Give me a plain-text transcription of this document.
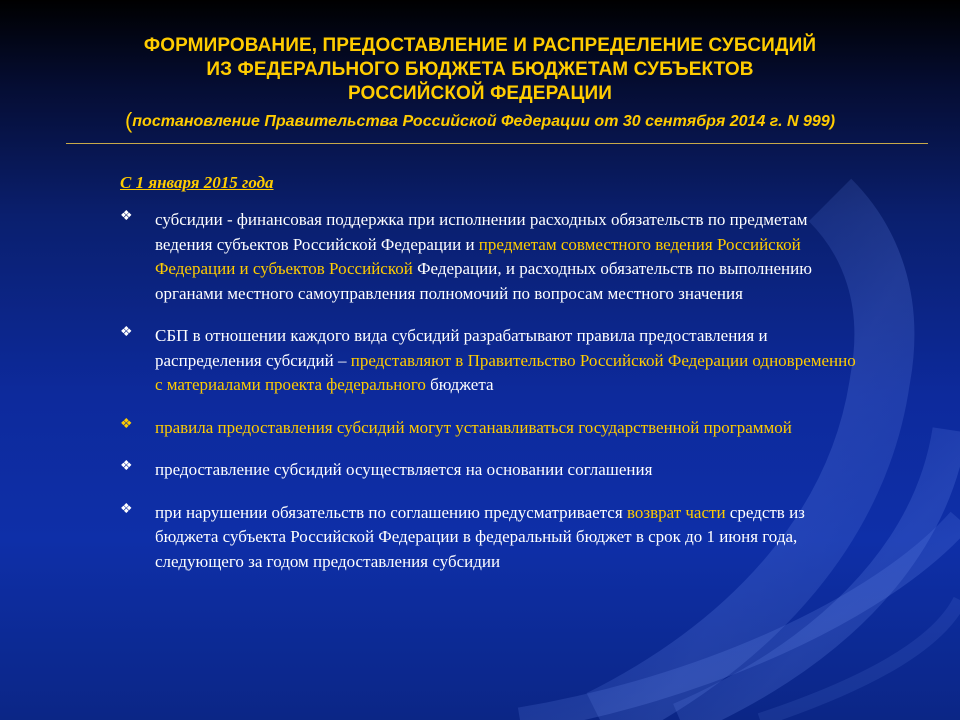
ФОРМИРОВАНИЕ, ПРЕДОСТАВЛЕНИЕ И РАСПРЕДЕЛЕНИЕ СУБСИДИЙ
ИЗ ФЕДЕРАЛЬНОГО БЮДЖЕТА БЮДЖЕТАМ СУБЪЕКТОВ
РОССИЙСКОЙ ФЕДЕРАЦИИ
(постановление Правительства Российской Федерации от 30 сентября 2014 г. N 999)
С 1 января 2015 года
❖ субсидии - финансовая поддержка при исполнении расходных обязательств по предметам ведения субъектов Российской Федерации и предметам совместного ведения Российской Федерации и субъектов Российской Федерации, и расходных обязательств по выполнению органами местного самоуправления полномочий по вопросам местного значения
❖ СБП в отношении каждого вида субсидий разрабатывают правила предоставления и распределения субсидий – представляют в Правительство Российской Федерации одновременно с материалами проекта федерального бюджета
❖ правила предоставления субсидий могут устанавливаться государственной программой
❖ предоставление субсидий осуществляется на основании соглашения
❖ при нарушении обязательств по соглашению предусматривается возврат части средств из бюджета субъекта Российской Федерации в федеральный бюджет в срок до 1 июня года, следующего за годом предоставления субсидии
